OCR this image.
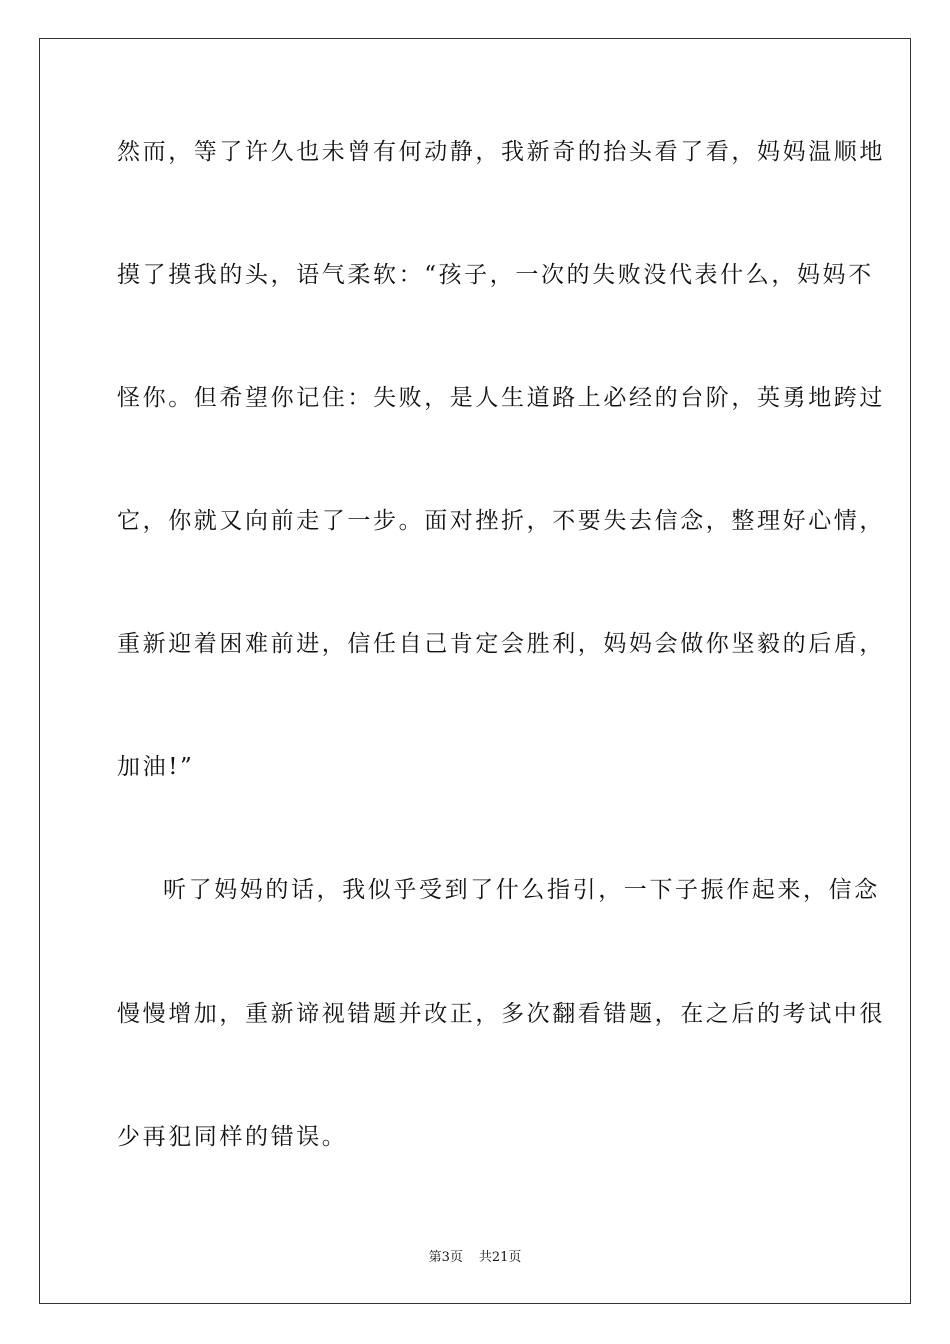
然而，等了许久也未曾有何动静，我新奇的抬头看了看，妈妈温顺地
摸了摸我的头，语气柔软：“孩子，一次的失败没代表什么，妈妈不
怪你。但希望你记住：失败，是人生道路上必经的台阶，英勇地跨过
它，你就又向前走了一步。面对挫折，不要失去信念，整理好心情，
重新迎着困难前进，信任自己肯定会胜利，妈妈会做你坚毅的后盾，
加油!”
听了妈妈的话，我似乎受到了什么指引，一下子振作起来，信念
慢慢增加，重新谛视错题并改正，多次翻看错题，在之后的考试中很
少再犯同样的错误。
第3页 共21页
